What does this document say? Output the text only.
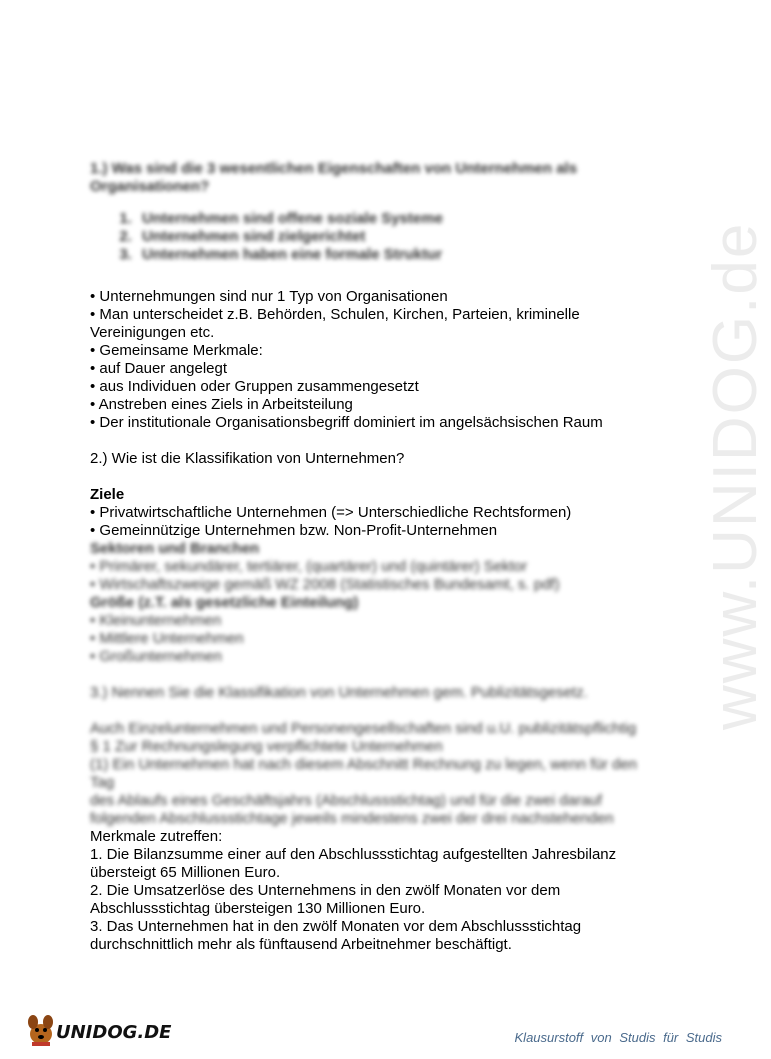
www.UNIDOG.de

1.) Was sind die 3 wesentlichen Eigenschaften von Unternehmen als Organisationen?

1. Unternehmen sind offene soziale Systeme
2. Unternehmen sind zielgerichtet
3. Unternehmen haben eine formale Struktur
• Unternehmungen sind nur 1 Typ von Organisationen
• Man unterscheidet z.B. Behörden, Schulen, Kirchen, Parteien, kriminelle
Vereinigungen etc.
• Gemeinsame Merkmale:
• auf Dauer angelegt
• aus Individuen oder Gruppen zusammengesetzt
• Anstreben eines Ziels in Arbeitsteilung
• Der institutionale Organisationsbegriff dominiert im angelsächsischen Raum
2.) Wie ist die Klassifikation von Unternehmen?
Ziele
• Privatwirtschaftliche Unternehmen (=> Unterschiedliche Rechtsformen)
• Gemeinnützige Unternehmen bzw. Non-Profit-Unternehmen
Sektoren und Branchen
• Primärer, sekundärer, tertiärer, (quartärer) und (quintärer) Sektor
• Wirtschaftszweige gemäß WZ 2008 (Statistisches Bundesamt, s. pdf)
Größe (z.T. als gesetzliche Einteilung)
• Kleinunternehmen
• Mittlere Unternehmen
• Großunternehmen
3.) Nennen Sie die Klassifikation von Unternehmen gem. Publizitätsgesetz.
Auch Einzelunternehmen und Personengesellschaften sind u.U. publizitätspflichtig
§ 1 Zur Rechnungslegung verpflichtete Unternehmen
(1) Ein Unternehmen hat nach diesem Abschnitt Rechnung zu legen, wenn für den
Tag
des Ablaufs eines Geschäftsjahrs (Abschlussstichtag) und für die zwei darauf
folgenden Abschlussstichtage jeweils mindestens zwei der drei nachstehenden
Merkmale zutreffen:
1. Die Bilanzsumme einer auf den Abschlussstichtag aufgestellten Jahresbilanz
übersteigt 65 Millionen Euro.
2. Die Umsatzerlöse des Unternehmens in den zwölf Monaten vor dem
Abschlussstichtag übersteigen 130 Millionen Euro.
3. Das Unternehmen hat in den zwölf Monaten vor dem Abschlussstichtag
durchschnittlich mehr als fünftausend Arbeitnehmer beschäftigt.
UNIDOG.DE	Klausurstoff von Studis für Studis
